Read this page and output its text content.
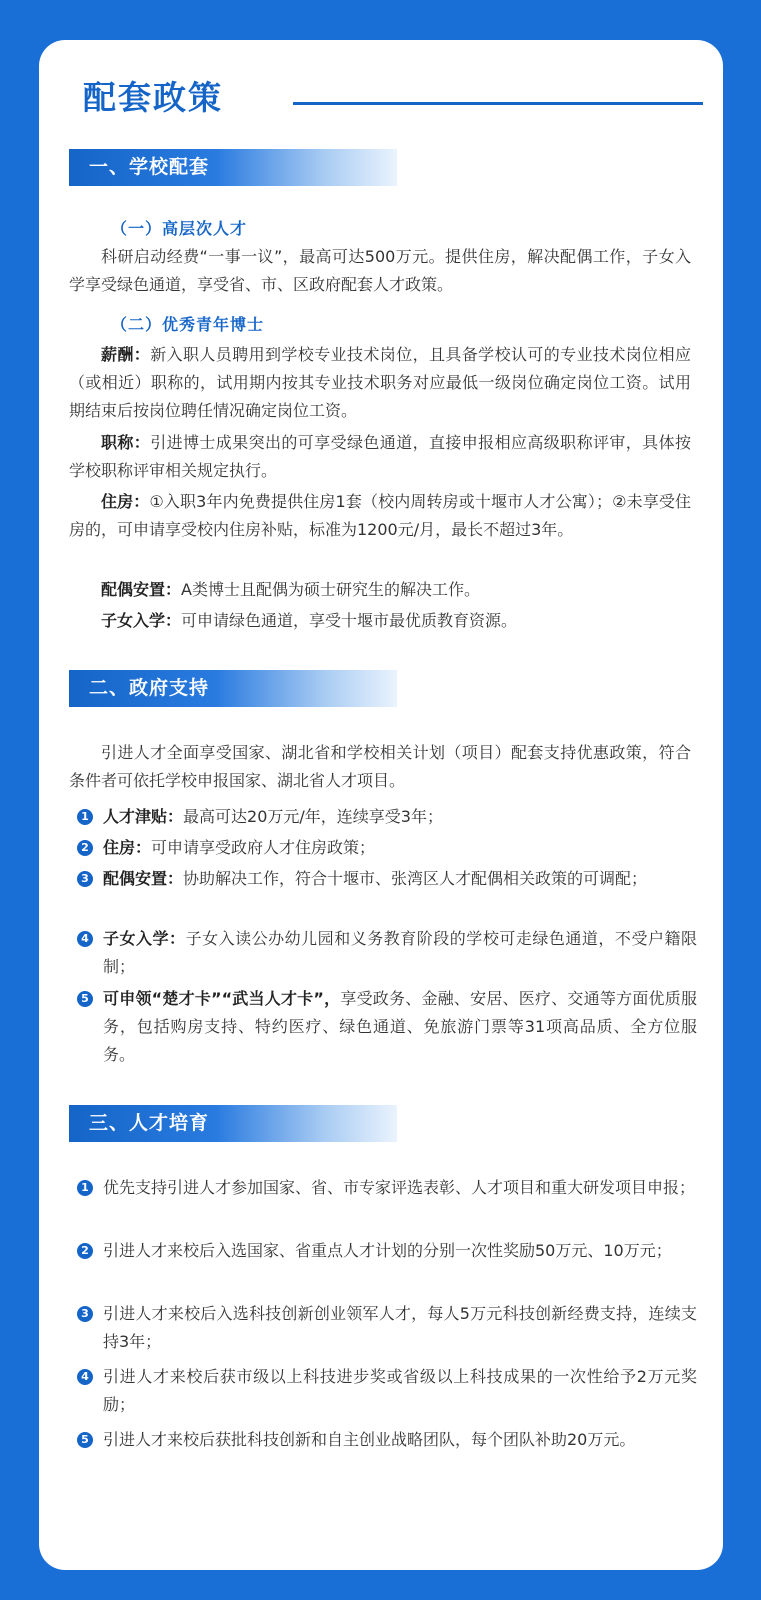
配套政策
一、学校配套
（一）高层次人才

科研启动经费“一事一议”，最高可达500万元。提供住房，解决配偶工作，子女入学享受绿色通道，享受省、市、区政府配套人才政策。

（二）优秀青年博士

薪酬：新入职人员聘用到学校专业技术岗位，且具备学校认可的专业技术岗位相应（或相近）职称的，试用期内按其专业技术职务对应最低一级岗位确定岗位工资。试用期结束后按岗位聘任情况确定岗位工资。

职称：引进博士成果突出的可享受绿色通道，直接申报相应高级职称评审，具体按学校职称评审相关规定执行。

住房：①入职3年内免费提供住房1套（校内周转房或十堰市人才公寓）；②未享受住房的，可申请享受校内住房补贴，标准为1200元/月，最长不超过3年。

配偶安置：A类博士且配偶为硕士研究生的解决工作。

子女入学：可申请绿色通道，享受十堰市最优质教育资源。

二、政府支持

引进人才全面享受国家、湖北省和学校相关计划（项目）配套支持优惠政策，符合条件者可依托学校申报国家、湖北省人才项目。

1 人才津贴：最高可达20万元/年，连续享受3年；

2 住房：可申请享受政府人才住房政策；

3 配偶安置：协助解决工作，符合十堰市、张湾区人才配偶相关政策的可调配；

4 子女入学：子女入读公办幼儿园和义务教育阶段的学校可走绿色通道，不受户籍限制；

5 可申领“楚才卡”“武当人才卡”，享受政务、金融、安居、医疗、交通等方面优质服务，包括购房支持、特约医疗、绿色通道、免旅游门票等31项高品质、全方位服务。

三、人才培育
1 优先支持引进人才参加国家、省、市专家评选表彰、人才项目和重大研发项目申报；

2 引进人才来校后入选国家、省重点人才计划的分别一次性奖励50万元、10万元；

3 引进人才来校后入选科技创新创业领军人才，每人5万元科技创新经费支持，连续支持3年；

4 引进人才来校后获市级以上科技进步奖或省级以上科技成果的一次性给予2万元奖励；

5 引进人才来校后获批科技创新和自主创业战略团队，每个团队补助20万元。
